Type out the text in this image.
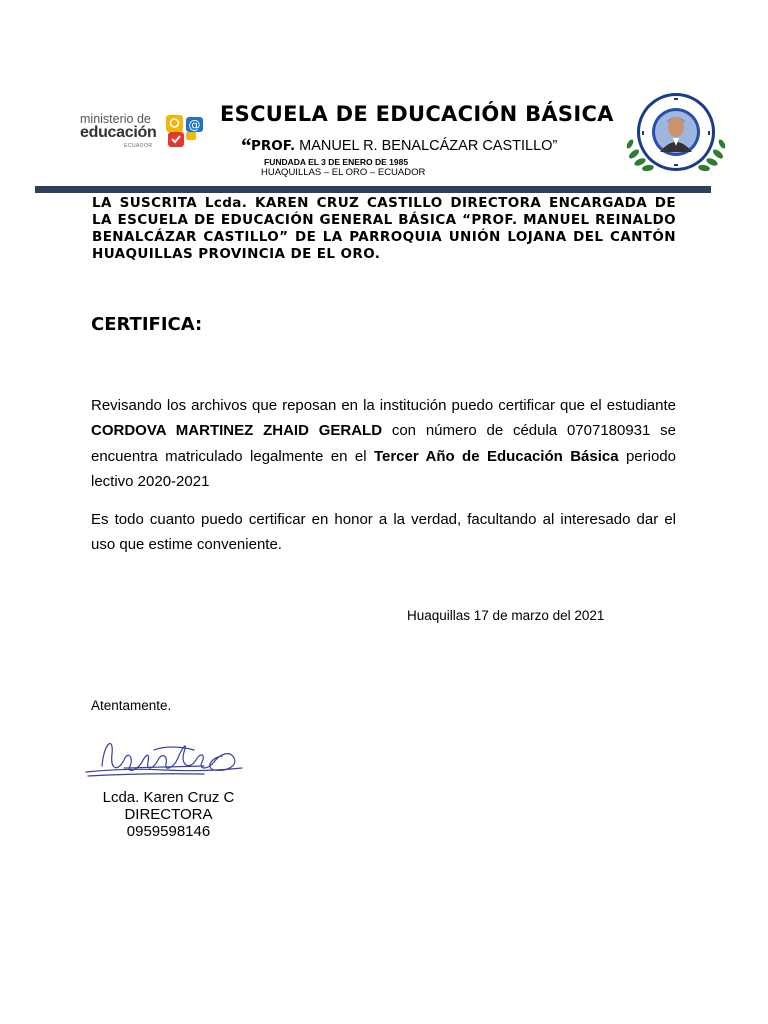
ministerio de
educación
ECUADOR
@ ESCUELA DE EDUCACIÓN BÁSICA
“PROF. MANUEL R. BENALCÁZAR CASTILLO”
FUNDADA EL 3 DE ENERO DE 1985
HUAQUILLAS – EL ORO – ECUADOR
LA SUSCRITA Lcda. KAREN CRUZ CASTILLO DIRECTORA ENCARGADA DE LA ESCUELA DE EDUCACIÓN GENERAL BÁSICA “PROF. MANUEL REINALDO BENALCÁZAR CASTILLO” DE LA PARROQUIA UNIÓN LOJANA DEL CANTÓN HUAQUILLAS PROVINCIA DE EL ORO.
CERTIFICA:
Revisando los archivos que reposan en la institución puedo certificar que el estudiante CORDOVA MARTINEZ ZHAID GERALD con número de cédula 0707180931 se encuentra matriculado legalmente en el Tercer Año de Educación Básica periodo lectivo 2020-2021
Es todo cuanto puedo certificar en honor a la verdad, facultando al interesado dar el uso que estime conveniente.
Huaquillas 17 de marzo del 2021
Atentamente.
Lcda. Karen Cruz C
DIRECTORA
0959598146
